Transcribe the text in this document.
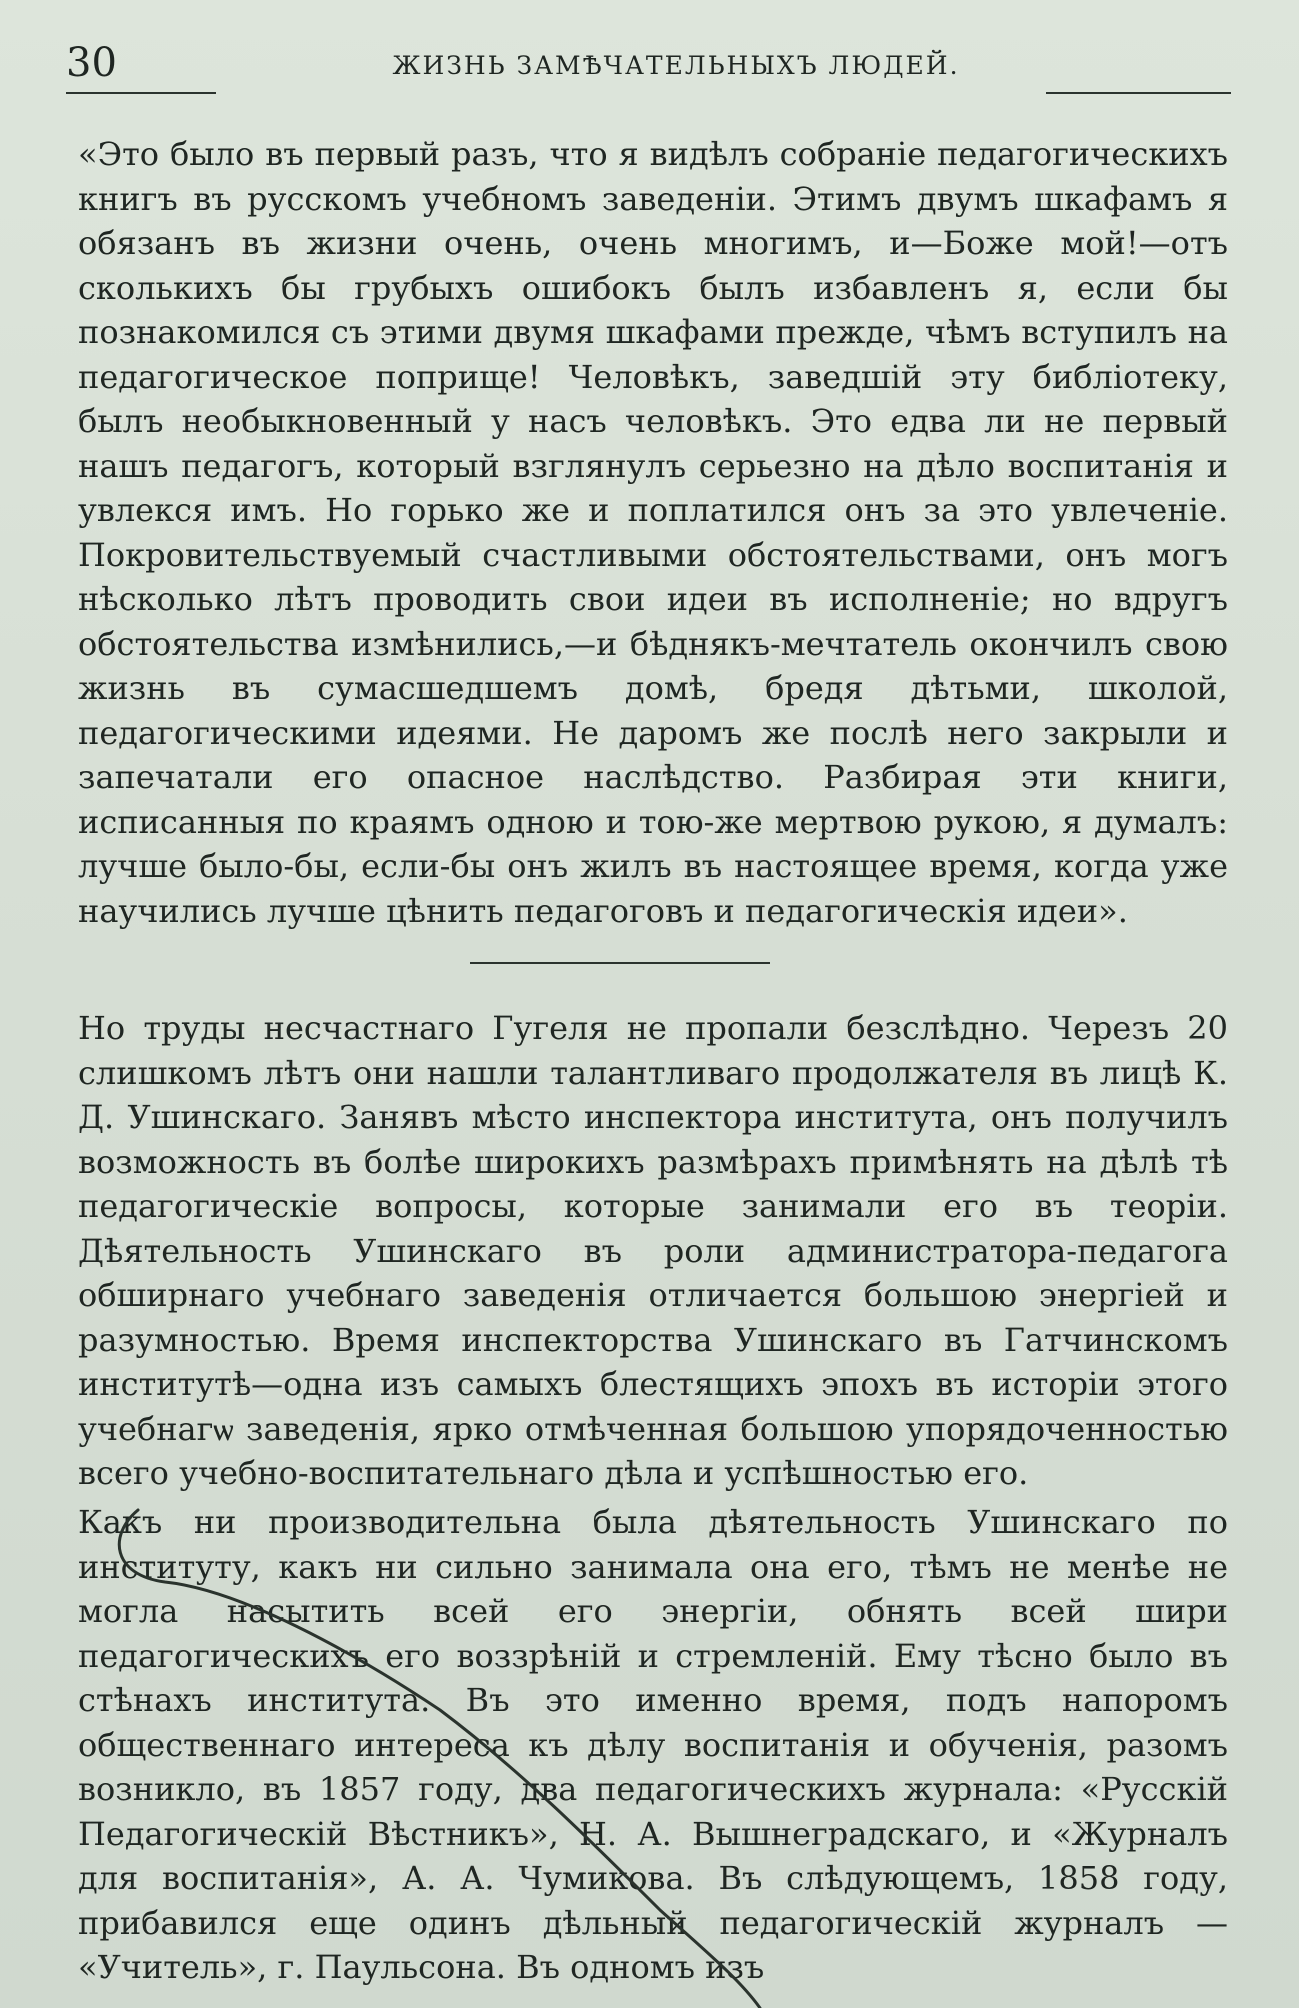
30	ЖИЗНЬ ЗАМѢЧАТЕЛЬНЫХЪ ЛЮДЕЙ.
«Это было въ первый разъ, что я видѣлъ собраніе педагогическихъ книгъ въ русскомъ учебномъ заведеніи. Этимъ двумъ шкафамъ я обязанъ въ жизни очень, очень многимъ, и—Боже мой!—отъ сколькихъ бы грубыхъ ошибокъ былъ избавленъ я, если бы познакомился съ этими двумя шкафами прежде, чѣмъ вступилъ на педагогическое поприще! Человѣкъ, заведшій эту библіотеку, былъ необыкновенный у насъ человѣкъ. Это едва ли не первый нашъ педагогъ, который взглянулъ серьезно на дѣло воспитанія и увлекся имъ. Но горько же и поплатился онъ за это увлеченіе. Покровительствуемый счастливыми обстоятельствами, онъ могъ нѣсколько лѣтъ проводить свои идеи въ исполненіе; но вдругъ обстоятельства измѣнились,—и бѣднякъ-мечтатель окончилъ свою жизнь въ сумасшедшемъ домѣ, бредя дѣтьми, школой, педагогическими идеями. Не даромъ же послѣ него закрыли и запечатали его опасное наслѣдство. Разбирая эти книги, исписанныя по краямъ одною и тою-же мертвою рукою, я думалъ: лучше было-бы, если-бы онъ жилъ въ настоящее время, когда уже научились лучше цѣнить педагоговъ и педагогическія идеи».
Но труды несчастнаго Гугеля не пропали безслѣдно. Черезъ 20 слишкомъ лѣтъ они нашли талантливаго продолжателя въ лицѣ К. Д. Ушинскаго. Занявъ мѣсто инспектора института, онъ получилъ возможность въ болѣе широкихъ размѣрахъ примѣнять на дѣлѣ тѣ педагогическіе вопросы, которые занимали его въ теоріи. Дѣятельность Ушинскаго въ роли администратора-педагога обширнаго учебнаго заведенія отличается большою энергіей и разумностью. Время инспекторства Ушинскаго въ Гатчинскомъ институтѣ—одна изъ самыхъ блестящихъ эпохъ въ исторіи этого учебнагѡ заведенія, ярко отмѣченная большою упорядоченностью всего учебно-воспитательнаго дѣла и успѣшностью его.
Какъ ни производительна была дѣятельность Ушинскаго по институту, какъ ни сильно занимала она его, тѣмъ не менѣе не могла насытить всей его энергіи, обнять всей шири педагогическихъ его воззрѣній и стремленій. Ему тѣсно было въ стѣнахъ института. Въ это именно время, подъ напоромъ общественнаго интереса къ дѣлу воспитанія и обученія, разомъ возникло, въ 1857 году, два педагогическихъ журнала: «Русскій Педагогическій Вѣстникъ», Н. А. Вышнеградскаго, и «Журналъ для воспитанія», А. А. Чумикова. Въ слѣдующемъ, 1858 году, прибавился еще одинъ дѣльный педагогическій журналъ — «Учитель», г. Паульсона. Въ одномъ изъ
